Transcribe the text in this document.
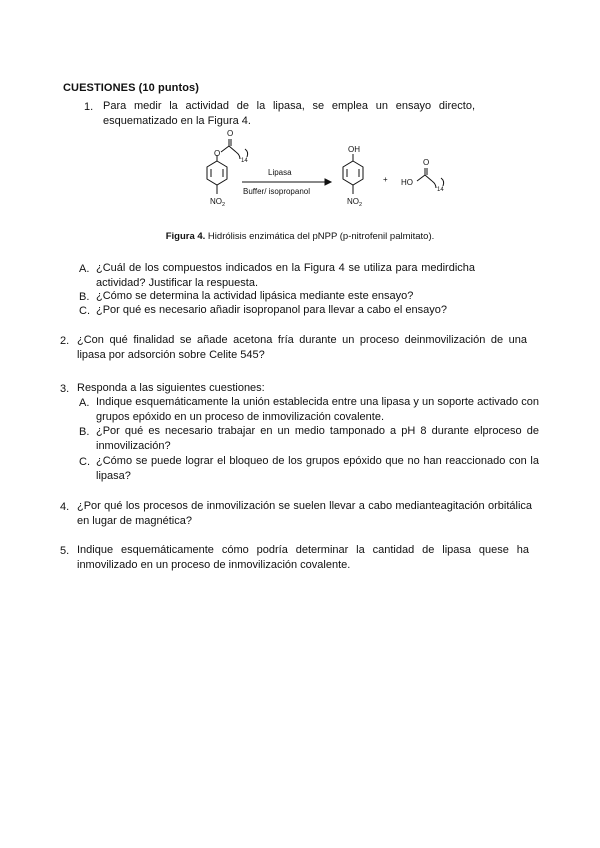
CUESTIONES (10 puntos)
1. Para medir la actividad de la lipasa, se emplea un ensayo directo, esquematizado en la Figura 4.
O
O
14
$NO_2$
Lipasa
Buffer/ isopropanol
OH
$NO_2$
+ HO
O
14
Figura 4. Hidrólisis enzimática del pNPP (p-nitrofenil palmitato).
A. ¿Cuál de los compuestos indicados en la Figura 4 se utiliza para medirdicha actividad? Justificar la respuesta.
B. ¿Cómo se determina la actividad lipásica mediante este ensayo?
C. ¿Por qué es necesario añadir isopropanol para llevar a cabo el ensayo?
2. ¿Con qué finalidad se añade acetona fría durante un proceso deinmovilización de una lipasa por adsorción sobre Celite 545?
3. Responda a las siguientes cuestiones:
A. Indique esquemáticamente la unión establecida entre una lipasa y un soporte activado con grupos epóxido en un proceso de inmovilización covalente.
B. ¿Por qué es necesario trabajar en un medio tamponado a pH 8 durante elproceso de inmovilización?
C. ¿Cómo se puede lograr el bloqueo de los grupos epóxido que no han reaccionado con la lipasa?
4. ¿Por qué los procesos de inmovilización se suelen llevar a cabo medianteagitación orbitálica en lugar de magnética?
5. Indique esquemáticamente cómo podría determinar la cantidad de lipasa quese ha inmovilizado en un proceso de inmovilización covalente.
